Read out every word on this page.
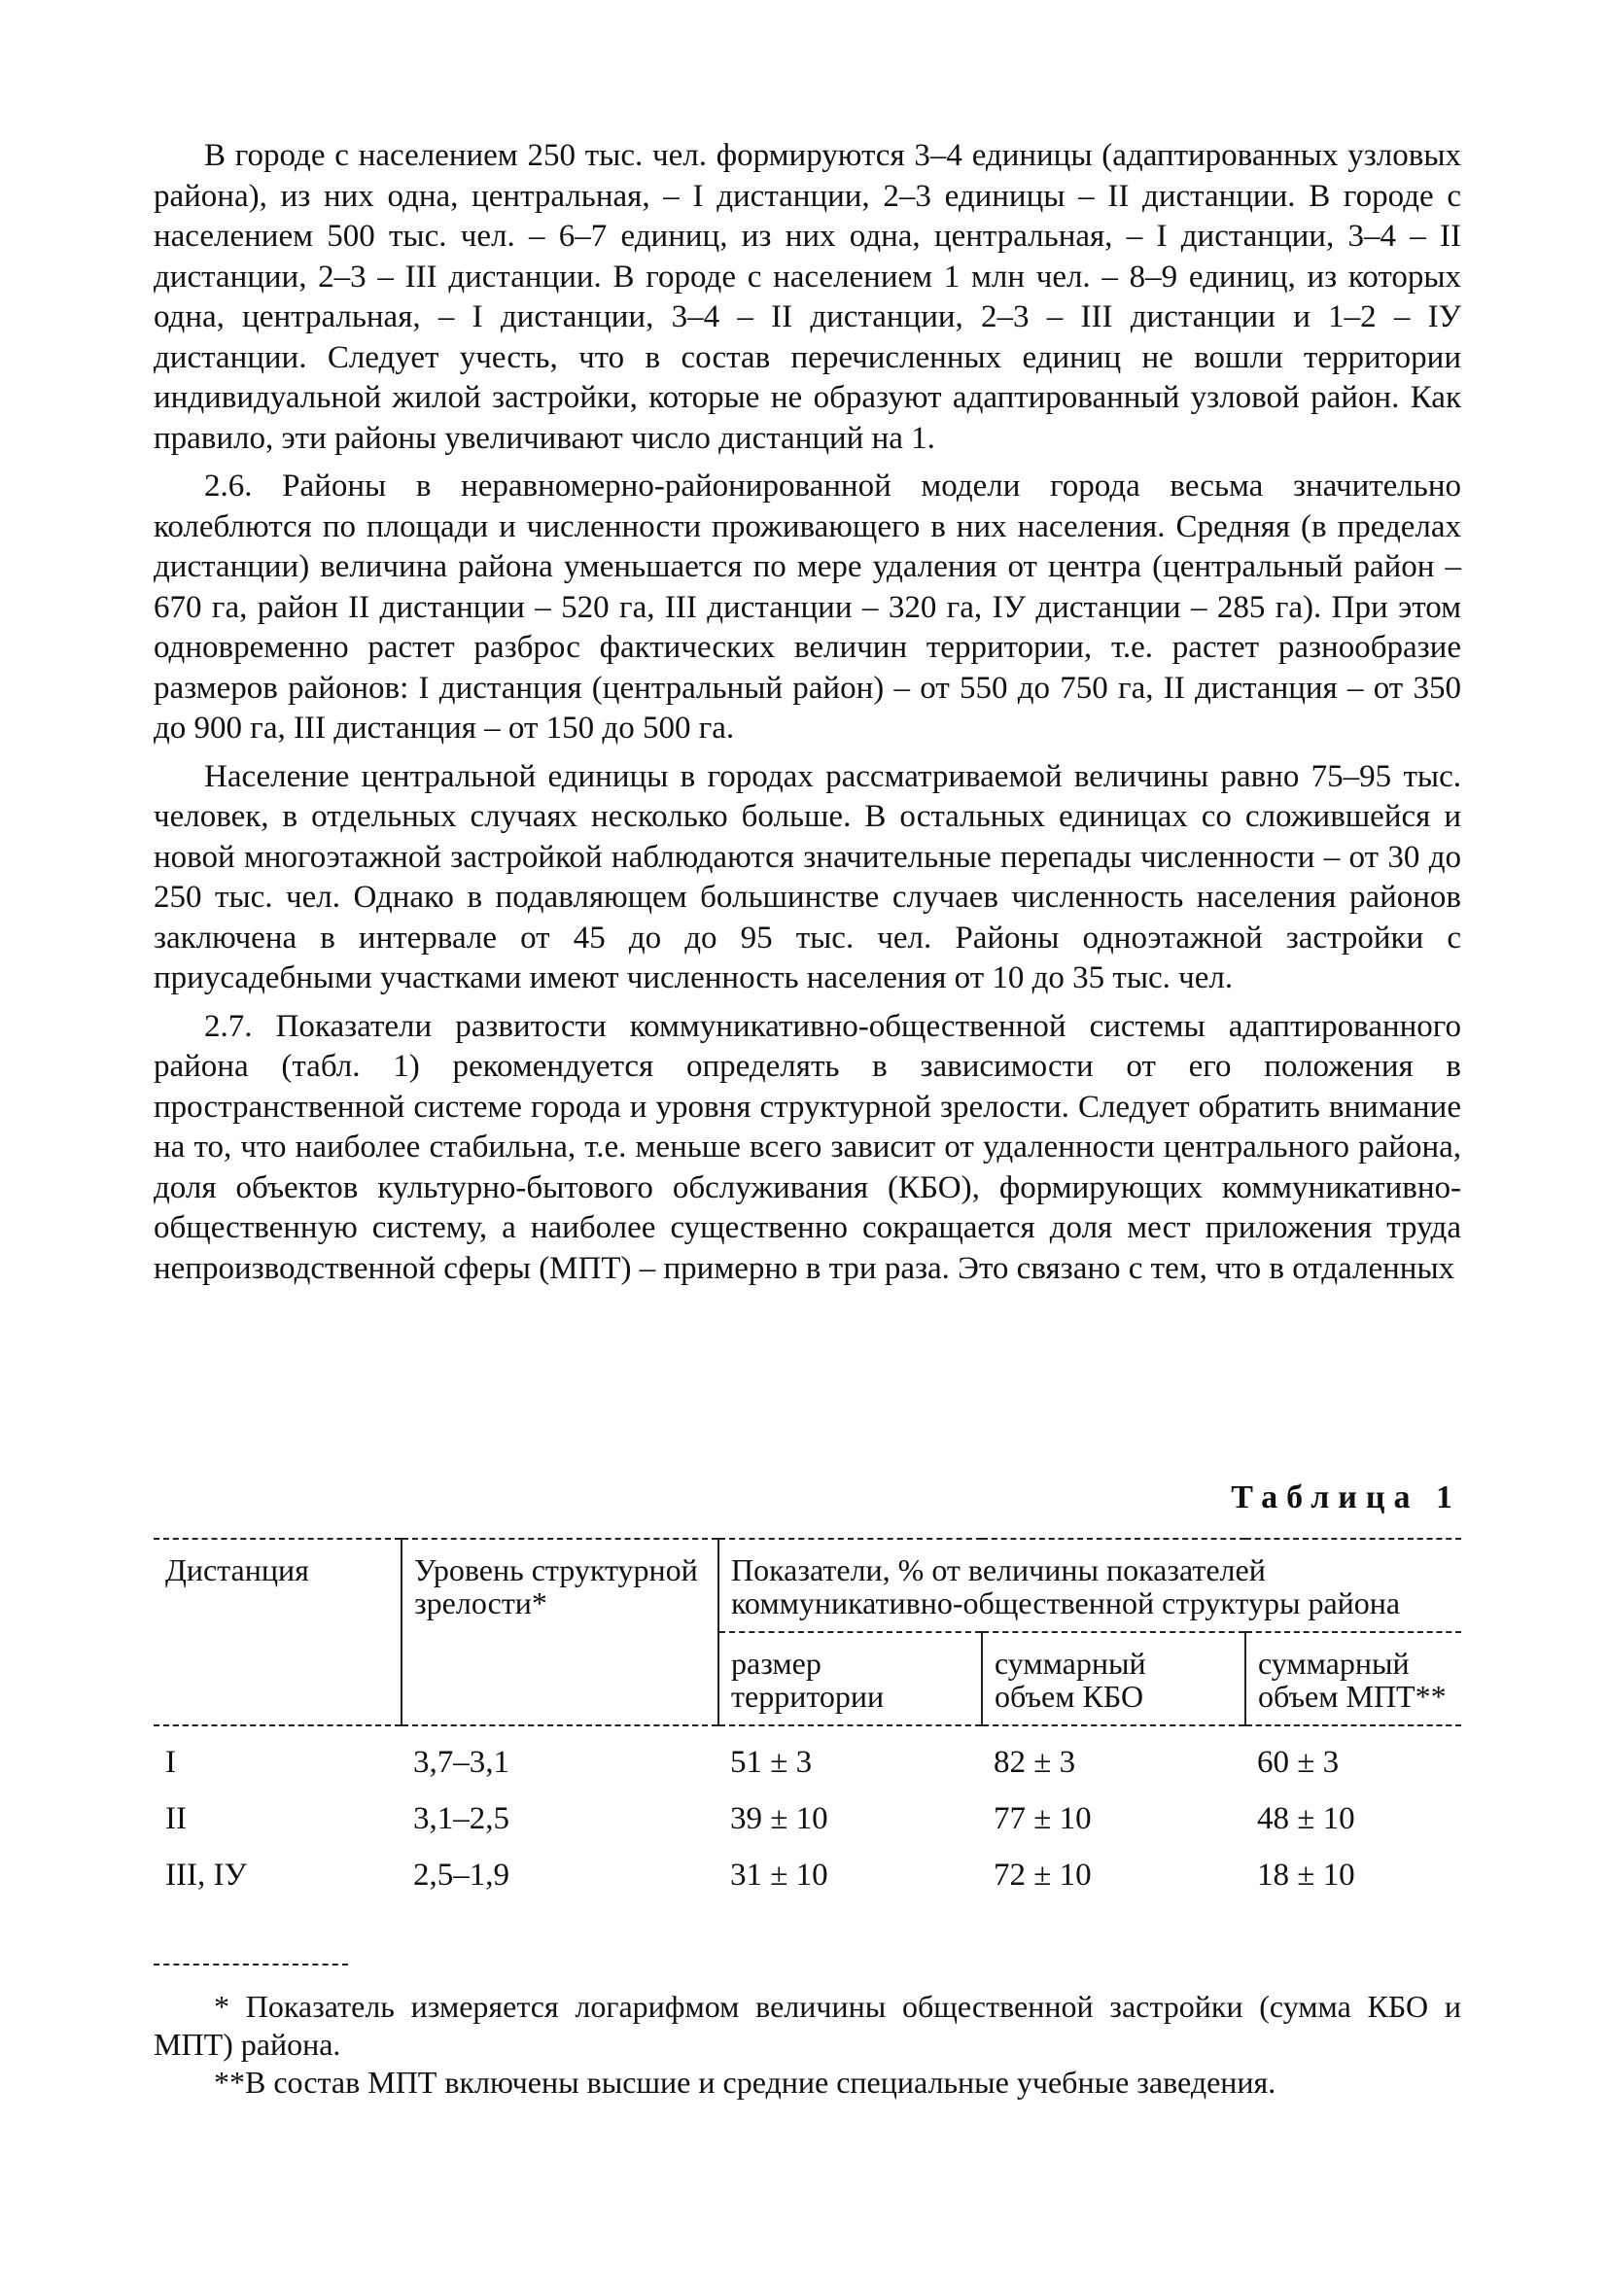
В городе с населением 250 тыс. чел. формируются 3–4 единицы (адаптированных узловых района), из них одна, центральная, – I дистанции, 2–3 единицы – II дистанции. В городе с населением 500 тыс. чел. – 6–7 единиц, из них одна, центральная, – I дистанции, 3–4 – II дистанции, 2–3 – III дистанции. В городе с населением 1 млн чел. – 8–9 единиц, из которых одна, центральная, – I дистанции, 3–4 – II дистанции, 2–3 – III дистанции и 1–2 – IУ дистанции. Следует учесть, что в состав перечисленных единиц не вошли территории индивидуальной жилой застройки, которые не образуют адаптированный узловой район. Как правило, эти районы увеличивают число дистанций на 1.

2.6. Районы в неравномерно-районированной модели города весьма значительно колеблются по площади и численности проживающего в них населения. Средняя (в пределах дистанции) величина района уменьшается по мере удаления от центра (центральный район – 670 га, район II дистанции – 520 га, III дистанции – 320 га, IУ дистанции – 285 га). При этом одновременно растет разброс фактических величин территории, т.е. растет разнообразие размеров районов: I дистанция (центральный район) – от 550 до 750 га, II дистанция – от 350 до 900 га, III дистанция – от 150 до 500 га.

Население центральной единицы в городах рассматриваемой величины равно 75–95 тыс. человек, в отдельных случаях несколько больше. В остальных единицах со сложившейся и новой многоэтажной застройкой наблюдаются значительные перепады численности – от 30 до 250 тыс. чел. Однако в подавляющем большинстве случаев численность населения районов заключена в интервале от 45 до до 95 тыс. чел. Районы одноэтажной застройки с приусадебными участками имеют численность населения от 10 до 35 тыс. чел.

2.7. Показатели развитости коммуникативно-общественной системы адаптированного района (табл. 1) рекомендуется определять в зависимости от его положения в пространственной системе города и уровня структурной зрелости. Следует обратить внимание на то, что наиболее стабильна, т.е. меньше всего зависит от удаленности центрального района, доля объектов культурно-бытового обслуживания (КБО), формирующих коммуникативно-общественную систему, а наиболее существенно сокращается доля мест приложения труда непроизводственной сферы (МПТ) – примерно в три раза. Это связано с тем, что в отдаленных

Таблица 1
Дистанция	Уровень структурной зрелости*	Показатели, % от величины показателей коммуникативно-общественной структуры района		
		размер территории	суммарный объем КБО	суммарный объем МПТ**
I	3,7–3,1	51 ± 3	82 ± 3	60 ± 3
II	3,1–2,5	39 ± 10	77 ± 10	48 ± 10
III, IУ	2,5–1,9	31 ± 10	72 ± 10	18 ± 10

* Показатель измеряется логарифмом величины общественной застройки (сумма КБО и МПТ) района.

**В состав МПТ включены высшие и средние специальные учебные заведения.
